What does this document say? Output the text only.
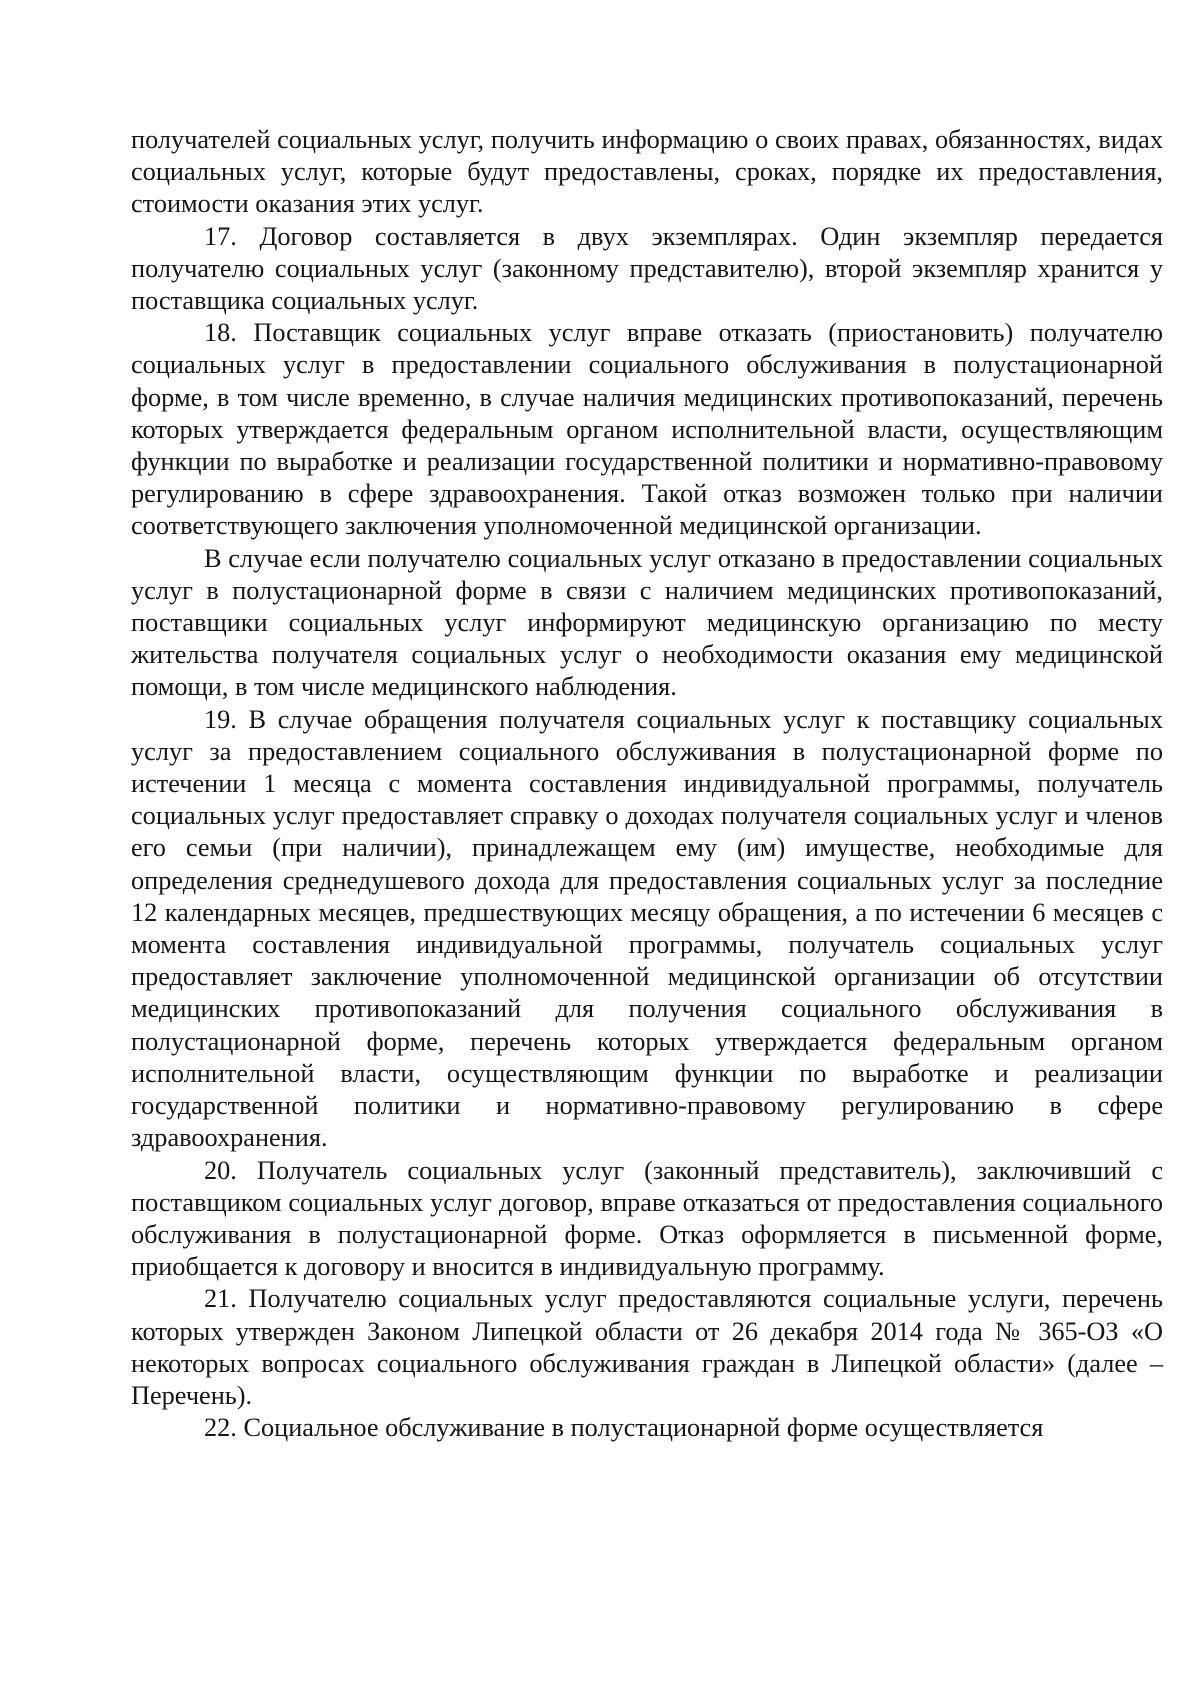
получателей социальных услуг, получить информацию о своих правах, обязанностях, видах социальных услуг, которые будут предоставлены, сроках, порядке их предоставления, стоимости оказания этих услуг.

17. Договор составляется в двух экземплярах. Один экземпляр передается получателю социальных услуг (законному представителю), второй экземпляр хранится у поставщика социальных услуг.

18. Поставщик социальных услуг вправе отказать (приостановить) получателю социальных услуг в предоставлении социального обслуживания в полустационарной форме, в том числе временно, в случае наличия медицинских противопоказаний, перечень которых утверждается федеральным органом исполнительной власти, осуществляющим функции по выработке и реализации государственной политики и нормативно-правовому регулированию в сфере здравоохранения. Такой отказ возможен только при наличии соответствующего заключения уполномоченной медицинской организации.

В случае если получателю социальных услуг отказано в предоставлении социальных услуг в полустационарной форме в связи с наличием медицинских противопоказаний, поставщики социальных услуг информируют медицинскую организацию по месту жительства получателя социальных услуг о необходимости оказания ему медицинской помощи, в том числе медицинского наблюдения.

19. В случае обращения получателя социальных услуг к поставщику социальных услуг за предоставлением социального обслуживания в полустационарной форме по истечении 1 месяца с момента составления индивидуальной программы, получатель социальных услуг предоставляет справку о доходах получателя социальных услуг и членов его семьи (при наличии), принадлежащем ему (им) имуществе, необходимые для определения среднедушевого дохода для предоставления социальных услуг за последние 12 календарных месяцев, предшествующих месяцу обращения, а по истечении 6 месяцев с момента составления индивидуальной программы, получатель социальных услуг предоставляет заключение уполномоченной медицинской организации об отсутствии медицинских противопоказаний для получения социального обслуживания в полустационарной форме, перечень которых утверждается федеральным органом исполнительной власти, осуществляющим функции по выработке и реализации государственной политики и нормативно-правовому регулированию в сфере здравоохранения.

20. Получатель социальных услуг (законный представитель), заключивший с поставщиком социальных услуг договор, вправе отказаться от предоставления социального обслуживания в полустационарной форме. Отказ оформляется в письменной форме, приобщается к договору и вносится в индивидуальную программу.

21. Получателю социальных услуг предоставляются социальные услуги, перечень которых утвержден Законом Липецкой области от 26 декабря 2014 года № 365-ОЗ «О некоторых вопросах социального обслуживания граждан в Липецкой области» (далее – Перечень).

22. Социальное обслуживание в полустационарной форме осуществляется
